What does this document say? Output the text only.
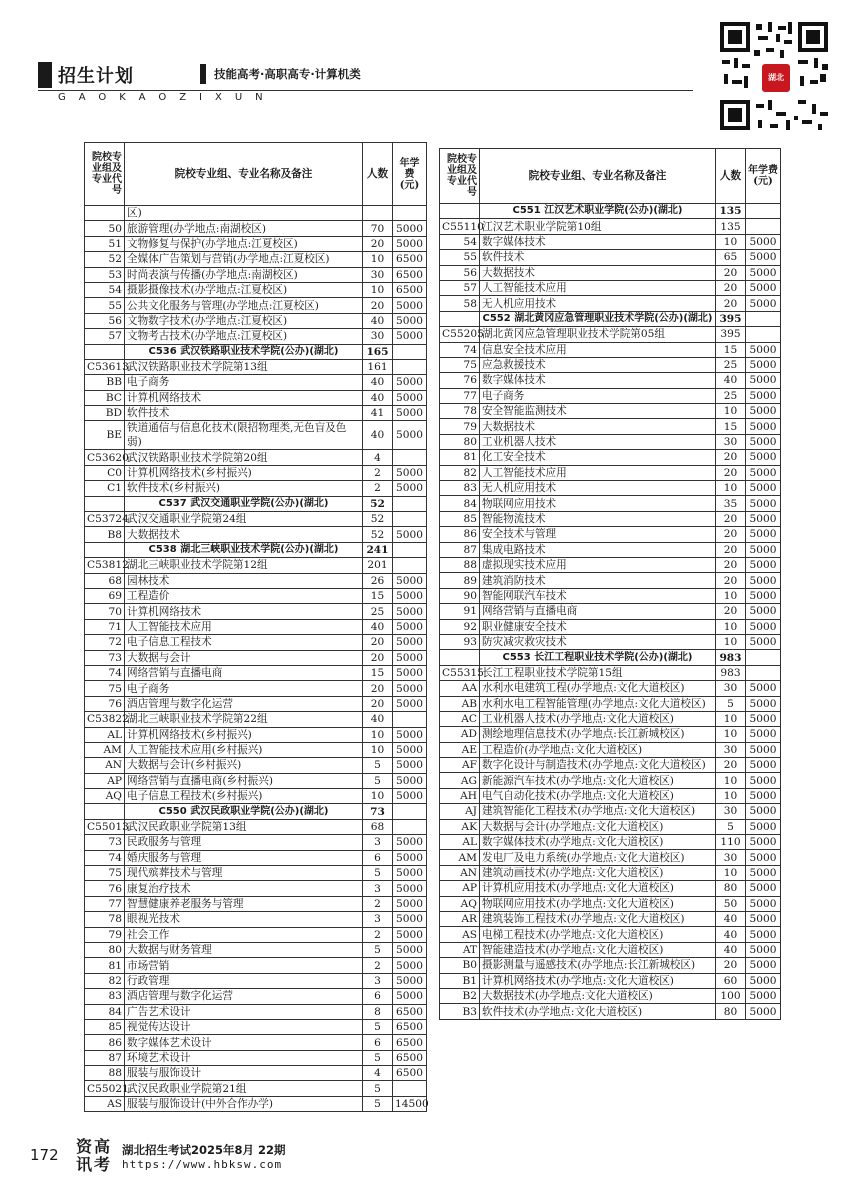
招生计划	技能高考·高职高专·计算机类
GAOKAOZIXUN
湖北
院校专业组及专业代号	院校专业组、专业名称及备注	人数	年学费(元)
	区)		
50	旅游管理(办学地点:南湖校区)	70	5000
51	文物修复与保护(办学地点:江夏校区)	20	5000
52	全媒体广告策划与营销(办学地点:江夏校区)	10	6500
53	时尚表演与传播(办学地点:南湖校区)	30	6500
54	摄影摄像技术(办学地点:江夏校区)	10	6500
55	公共文化服务与管理(办学地点:江夏校区)	20	5000
56	文物数字技术(办学地点:江夏校区)	40	5000
57	文物考古技术(办学地点:江夏校区)	30	5000
	C536 武汉铁路职业技术学院(公办)(湖北)	165	
C53613	武汉铁路职业技术学院第13组	161	
BB	电子商务	40	5000
BC	计算机网络技术	40	5000
BD	软件技术	41	5000
BE	铁道通信与信息化技术(限招物理类,无色盲及色弱)	40	5000
C53620	武汉铁路职业技术学院第20组	4	
C0	计算机网络技术(乡村振兴)	2	5000
C1	软件技术(乡村振兴)	2	5000
	C537 武汉交通职业学院(公办)(湖北)	52	
C53724	武汉交通职业学院第24组	52	
B8	大数据技术	52	5000
	C538 湖北三峡职业技术学院(公办)(湖北)	241	
C53812	湖北三峡职业技术学院第12组	201	
68	园林技术	26	5000
69	工程造价	15	5000
70	计算机网络技术	25	5000
71	人工智能技术应用	40	5000
72	电子信息工程技术	20	5000
73	大数据与会计	20	5000
74	网络营销与直播电商	15	5000
75	电子商务	20	5000
76	酒店管理与数字化运营	20	5000
C53822	湖北三峡职业技术学院第22组	40	
AL	计算机网络技术(乡村振兴)	10	5000
AM	人工智能技术应用(乡村振兴)	10	5000
AN	大数据与会计(乡村振兴)	5	5000
AP	网络营销与直播电商(乡村振兴)	5	5000
AQ	电子信息工程技术(乡村振兴)	10	5000
	C550 武汉民政职业学院(公办)(湖北)	73	
C55013	武汉民政职业学院第13组	68	
73	民政服务与管理	3	5000
74	婚庆服务与管理	6	5000
75	现代殡葬技术与管理	5	5000
76	康复治疗技术	3	5000
77	智慧健康养老服务与管理	2	5000
78	眼视光技术	3	5000
79	社会工作	2	5000
80	大数据与财务管理	5	5000
81	市场营销	2	5000
82	行政管理	3	5000
83	酒店管理与数字化运营	6	5000
84	广告艺术设计	8	6500
85	视觉传达设计	5	6500
86	数字媒体艺术设计	6	6500
87	环境艺术设计	5	6500
88	服装与服饰设计	4	6500
C55021	武汉民政职业学院第21组	5	
AS	服装与服饰设计(中外合作办学)	5	14500
院校专业组及专业代号	院校专业组、专业名称及备注	人数	年学费(元)
	C551 江汉艺术职业学院(公办)(湖北)	135	
C55110	江汉艺术职业学院第10组	135	
54	数字媒体技术	10	5000
55	软件技术	65	5000
56	大数据技术	20	5000
57	人工智能技术应用	20	5000
58	无人机应用技术	20	5000
	C552 湖北黄冈应急管理职业技术学院(公办)(湖北)	395	
C55205	湖北黄冈应急管理职业技术学院第05组	395	
74	信息安全技术应用	15	5000
75	应急救援技术	25	5000
76	数字媒体技术	40	5000
77	电子商务	25	5000
78	安全智能监测技术	10	5000
79	大数据技术	15	5000
80	工业机器人技术	30	5000
81	化工安全技术	20	5000
82	人工智能技术应用	20	5000
83	无人机应用技术	10	5000
84	物联网应用技术	35	5000
85	智能物流技术	20	5000
86	安全技术与管理	20	5000
87	集成电路技术	20	5000
88	虚拟现实技术应用	20	5000
89	建筑消防技术	20	5000
90	智能网联汽车技术	10	5000
91	网络营销与直播电商	20	5000
92	职业健康安全技术	10	5000
93	防灾减灾救灾技术	10	5000
	C553 长江工程职业技术学院(公办)(湖北)	983	
C55315	长江工程职业技术学院第15组	983	
AA	水利水电建筑工程(办学地点:文化大道校区)	30	5000
AB	水利水电工程智能管理(办学地点:文化大道校区)	5	5000
AC	工业机器人技术(办学地点:文化大道校区)	10	5000
AD	测绘地理信息技术(办学地点:长江新城校区)	10	5000
AE	工程造价(办学地点:文化大道校区)	30	5000
AF	数字化设计与制造技术(办学地点:文化大道校区)	20	5000
AG	新能源汽车技术(办学地点:文化大道校区)	10	5000
AH	电气自动化技术(办学地点:文化大道校区)	10	5000
AJ	建筑智能化工程技术(办学地点:文化大道校区)	30	5000
AK	大数据与会计(办学地点:文化大道校区)	5	5000
AL	数字媒体技术(办学地点:文化大道校区)	110	5000
AM	发电厂及电力系统(办学地点:文化大道校区)	30	5000
AN	建筑动画技术(办学地点:文化大道校区)	10	5000
AP	计算机应用技术(办学地点:文化大道校区)	80	5000
AQ	物联网应用技术(办学地点:文化大道校区)	50	5000
AR	建筑装饰工程技术(办学地点:文化大道校区)	40	5000
AS	电梯工程技术(办学地点:文化大道校区)	40	5000
AT	智能建造技术(办学地点:文化大道校区)	40	5000
B0	摄影测量与遥感技术(办学地点:长江新城校区)	20	5000
B1	计算机网络技术(办学地点:文化大道校区)	60	5000
B2	大数据技术(办学地点:文化大道校区)	100	5000
B3	软件技术(办学地点:文化大道校区)	80	5000
172 资高讯考
湖北招生考试2025年8月 22期
https://www.hbksw.com
